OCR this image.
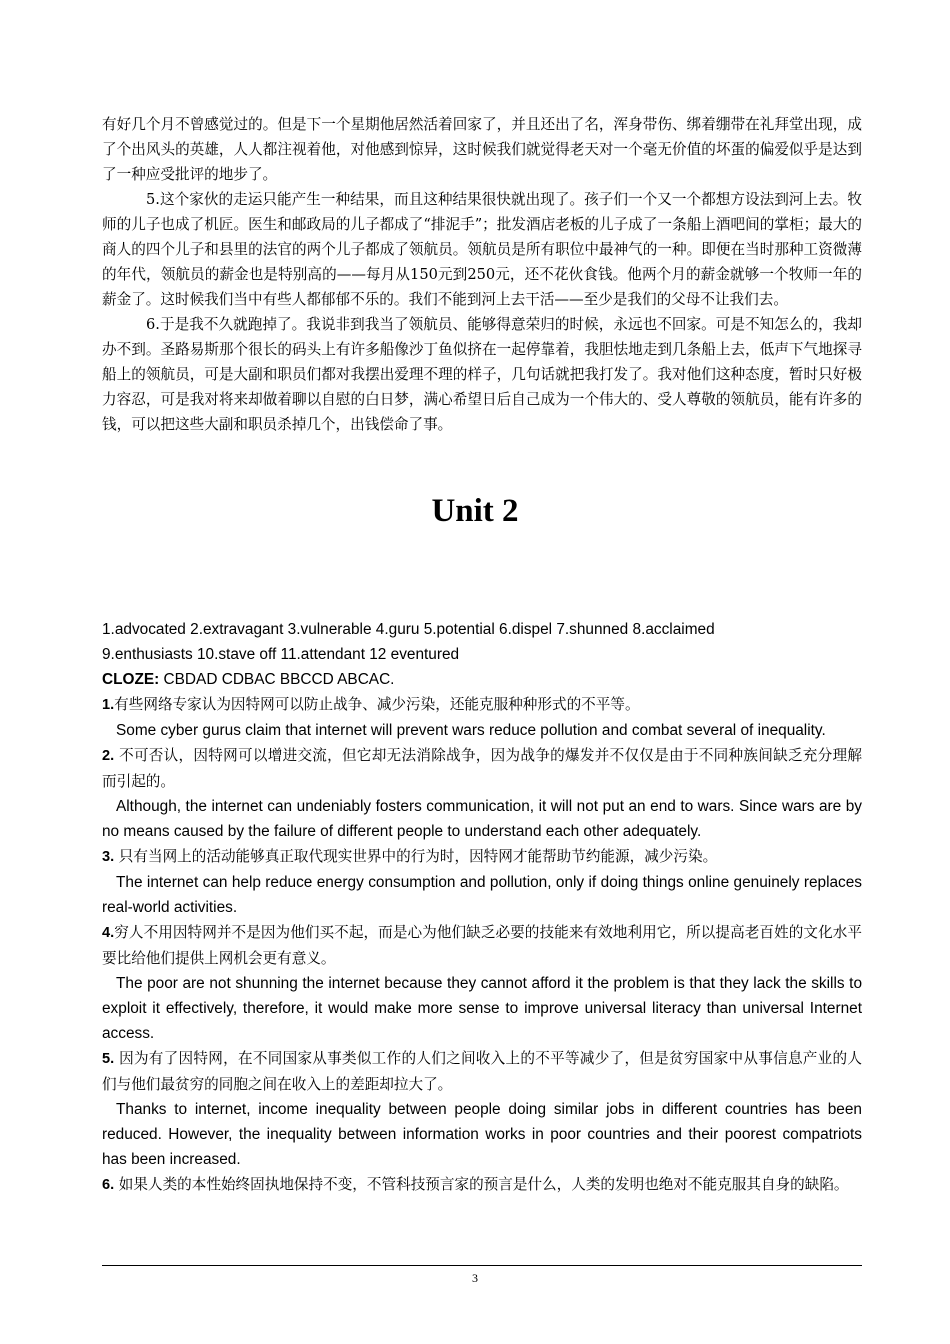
有好几个月不曾感觉过的。但是下一个星期他居然活着回家了，并且还出了名，浑身带伤、绑着绷带在礼拜堂出现，成了个出风头的英雄，人人都注视着他，对他感到惊异，这时候我们就觉得老天对一个毫无价值的坏蛋的偏爱似乎是达到了一种应受批评的地步了。

5.这个家伙的走运只能产生一种结果，而且这种结果很快就出现了。孩子们一个又一个都想方设法到河上去。牧师的儿子也成了机匠。医生和邮政局的儿子都成了“排泥手”；批发酒店老板的儿子成了一条船上酒吧间的掌柜；最大的商人的四个儿子和县里的法官的两个儿子都成了领航员。领航员是所有职位中最神气的一种。即便在当时那种工资微薄的年代，领航员的薪金也是特别高的——每月从150元到250元，还不花伙食钱。他两个月的薪金就够一个牧师一年的薪金了。这时候我们当中有些人都郁郁不乐的。我们不能到河上去干活——至少是我们的父母不让我们去。

6.于是我不久就跑掉了。我说非到我当了领航员、能够得意荣归的时候，永远也不回家。可是不知怎么的，我却办不到。圣路易斯那个很长的码头上有许多船像沙丁鱼似挤在一起停靠着，我胆怯地走到几条船上去，低声下气地探寻船上的领航员，可是大副和职员们都对我摆出爱理不理的样子，几句话就把我打发了。我对他们这种态度，暂时只好极力容忍，可是我对将来却做着聊以自慰的白日梦，满心希望日后自己成为一个伟大的、受人尊敬的领航员，能有许多的钱，可以把这些大副和职员杀掉几个，出钱偿命了事。

Unit 2
1.advocated 2.extravagant 3.vulnerable 4.guru 5.potential 6.dispel 7.shunned 8.acclaimed
9.enthusiasts 10.stave off 11.attendant 12 eventured
CLOZE: CBDAD CDBAC BBCCD ABCAC.
1.有些网络专家认为因特网可以防止战争、减少污染，还能克服种种形式的不平等。
Some cyber gurus claim that internet will prevent wars reduce pollution and combat several of inequality.
2. 不可否认，因特网可以增进交流，但它却无法消除战争，因为战争的爆发并不仅仅是由于不同种族间缺乏充分理解而引起的。
Although, the internet can undeniably fosters communication, it will not put an end to wars. Since wars are by no means caused by the failure of different people to understand each other adequately.
3. 只有当网上的活动能够真正取代现实世界中的行为时，因特网才能帮助节约能源，减少污染。
The internet can help reduce energy consumption and pollution, only if doing things online genuinely replaces real-world activities.
4.穷人不用因特网并不是因为他们买不起，而是心为他们缺乏必要的技能来有效地利用它，所以提高老百姓的文化水平要比给他们提供上网机会更有意义。
The poor are not shunning the internet because they cannot afford it the problem is that they lack the skills to exploit it effectively, therefore, it would make more sense to improve universal literacy than universal Internet access.
5. 因为有了因特网，在不同国家从事类似工作的人们之间收入上的不平等减少了，但是贫穷国家中从事信息产业的人们与他们最贫穷的同胞之间在收入上的差距却拉大了。
Thanks to internet, income inequality between people doing similar jobs in different countries has been reduced. However, the inequality between information works in poor countries and their poorest compatriots has been increased.
6. 如果人类的本性始终固执地保持不变，不管科技预言家的预言是什么，人类的发明也绝对不能克服其自身的缺陷。
3
